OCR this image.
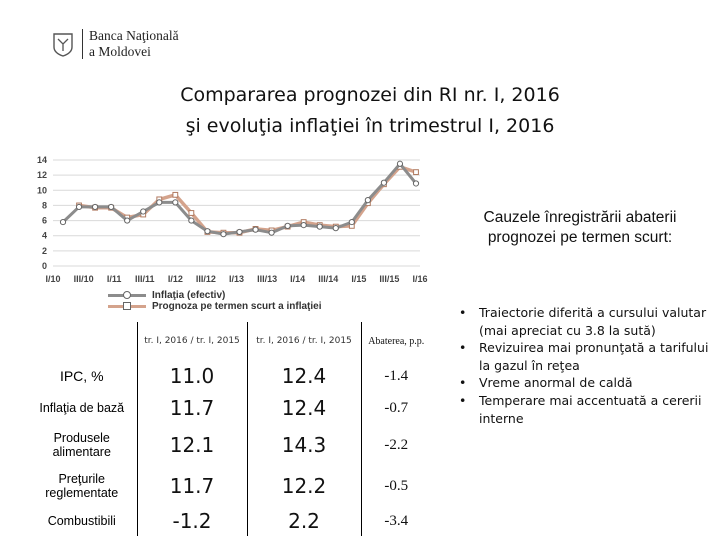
Banca Naţională
a Moldovei
Compararea prognozei din RI nr. I, 2016
şi evoluţia inflaţiei în trimestrul I, 2016
0
2
4
6
8
10
12
14
I/10 III/10 I/11 III/11 I/12 III/12 I/13 III/13 I/14 III/14 I/15 III/15 I/16
Inflaţia (efectiv)
Prognoza pe termen scurt a inflaţiei
Cauzele înregistrării abaterii prognozei pe termen scurt:
• Traiectorie diferită a cursului valutar (mai apreciat cu 3.8 la sută)
• Revizuirea mai pronunţată a tarifului la gazul în reţea
• Vreme anormal de caldă
• Temperare mai accentuată a cererii interne
	tr. I, 2016 / tr. I, 2015	tr. I, 2016 / tr. I, 2015	Abaterea, p.p.
IPC, %	11.0	12.4	-1.4
Inflaţia de bază	11.7	12.4	-0.7
Produsele alimentare	12.1	14.3	-2.2
Preţurile reglementate	11.7	12.2	-0.5
Combustibili	-1.2	2.2	-3.4
